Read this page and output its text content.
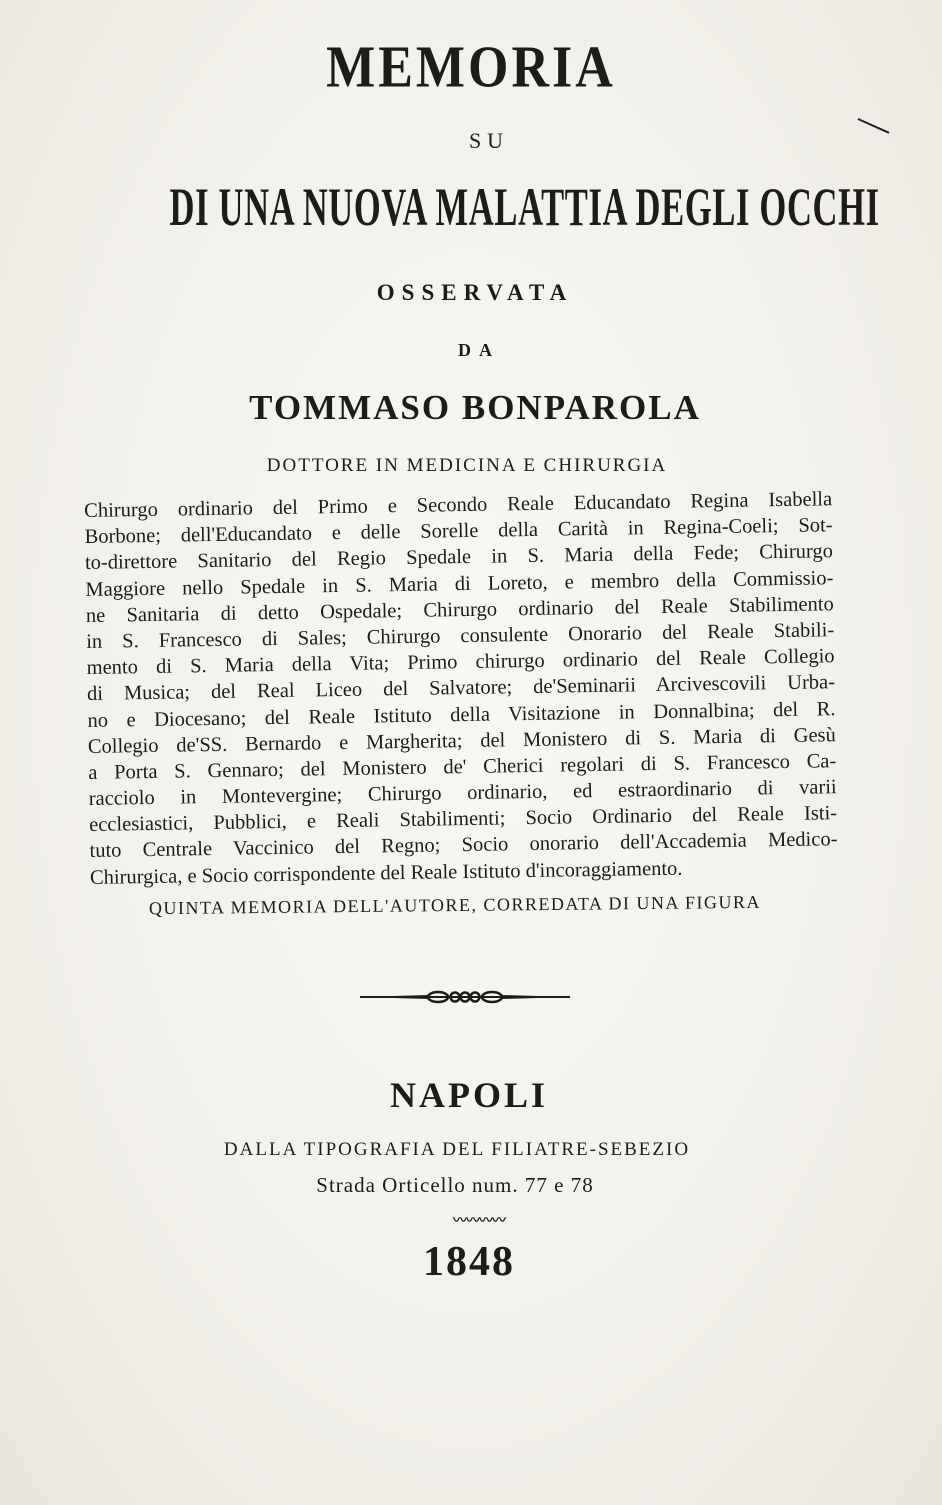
MEMORIA
SU
DI UNA NUOVA MALATTIA DEGLI OCCHI
OSSERVATA
DA
TOMMASO BONPAROLA
DOTTORE IN MEDICINA E CHIRURGIA
Chirurgo ordinario del Primo e Secondo Reale Educandato Regina Isabella
Borbone; dell'Educandato e delle Sorelle della Carità in Regina-Coeli; Sot-
to-direttore Sanitario del Regio Spedale in S. Maria della Fede; Chirurgo
Maggiore nello Spedale in S. Maria di Loreto, e membro della Commissio-
ne Sanitaria di detto Ospedale; Chirurgo ordinario del Reale Stabilimento
in S. Francesco di Sales; Chirurgo consulente Onorario del Reale Stabili-
mento di S. Maria della Vita; Primo chirurgo ordinario del Reale Collegio
di Musica; del Real Liceo del Salvatore; de'Seminarii Arcivescovili Urba-
no e Diocesano; del Reale Istituto della Visitazione in Donnalbina; del R.
Collegio de'SS. Bernardo e Margherita; del Monistero di S. Maria di Gesù
a Porta S. Gennaro; del Monistero de' Cherici regolari di S. Francesco Ca-
racciolo in Montevergine; Chirurgo ordinario, ed estraordinario di varii
ecclesiastici, Pubblici, e Reali Stabilimenti; Socio Ordinario del Reale Isti-
tuto Centrale Vaccinico del Regno; Socio onorario dell'Accademia Medico-
Chirurgica, e Socio corrispondente del Reale Istituto d'incoraggiamento.
QUINTA MEMORIA DELL'AUTORE, CORREDATA DI UNA FIGURA
NAPOLI
DALLA TIPOGRAFIA DEL FILIATRE-SEBEZIO
Strada Orticello num. 77 e 78
〰〰〰〰
1848
